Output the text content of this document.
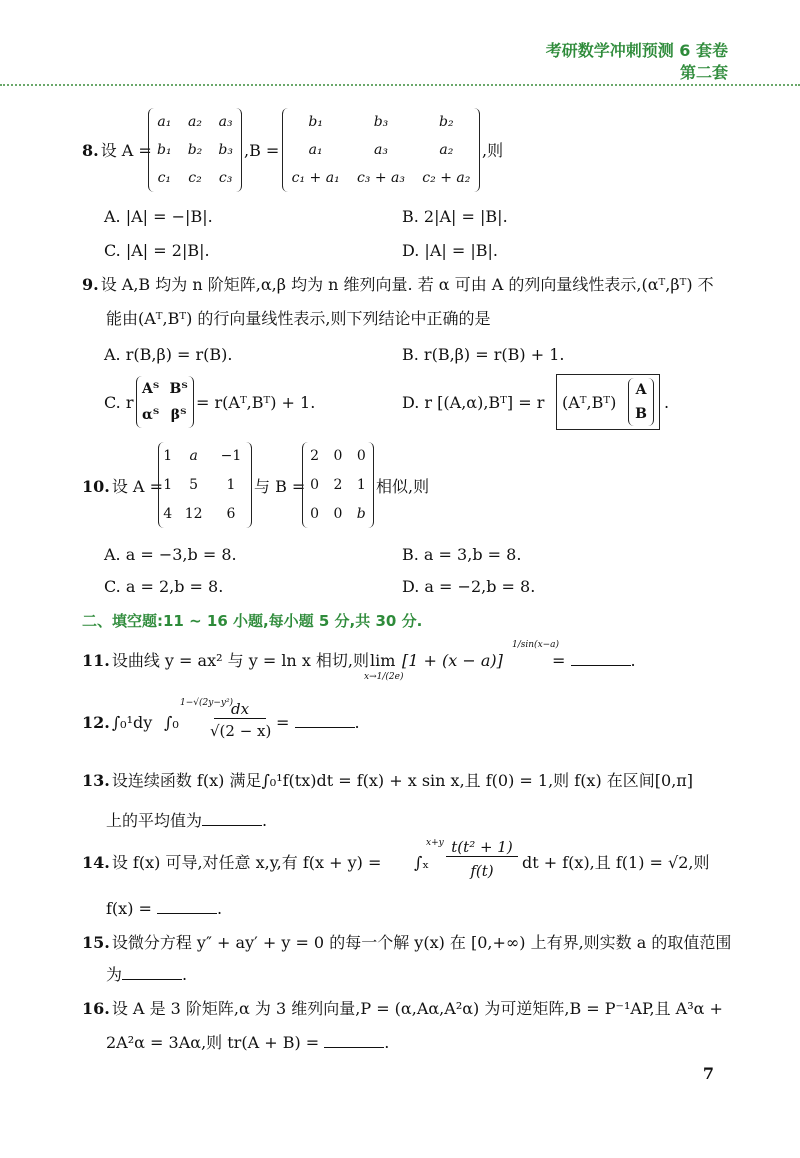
考研数学冲刺预测 6 套卷
第二套
8. 设 A =
a₁	a₂	a₃
b₁	b₂	b₃
c₁	c₂	c₃
,B =
b₁	b₃	b₂
a₁	a₃	a₂
c₁ + a₁	c₃ + a₃	c₂ + a₂
,则
A. |A| = −|B|.	B. 2|A| = |B|.
C. |A| = 2|B|.	D. |A| = |B|.
9. 设 A,B 均为 n 阶矩阵,α,β 均为 n 维列向量. 若 α 可由 A 的列向量线性表示,(αᵀ,βᵀ) 不
能由(Aᵀ,Bᵀ) 的行向量线性表示,则下列结论中正确的是
A. r(B,β) = r(B).	B. r(B,β) = r(B) + 1.
C. r
Aᵀ	Bᵀ
αᵀ	βᵀ
= r(Aᵀ,Bᵀ) + 1.	D. r [(A,α),Bᵀ] = r (Aᵀ,Bᵀ)
A
B
.
10. 设 A =
1	a	−1
1	5	1
4	12	6
与 B =
2	0	0
0	2	1
0	0	b
相似,则
A. a = −3,b = 8.	B. a = 3,b = 8.
C. a = 2,b = 8.	D. a = −2,b = 8.
二、填空题:11 ~ 16 小题,每小题 5 分,共 30 分.
11. 设曲线 y = ax² 与 y = ln x 相切,则 lim
x→1/(2e)
[1 + (x − a)]
1/sin(x−a)
=	.
12. ∫₀¹dy ∫₀
1−√(2y−y²)
dx
√(2 − x) =	.
13. 设连续函数 f(x) 满足∫₀¹f(tx)dt = f(x) + x sin x,且 f(0) = 1,则 f(x) 在区间[0,π]
上的平均值为	.
14. 设 f(x) 可导,对任意 x,y,有 f(x + y) = ∫ₓ
x+y t(t² + 1)
f(t)	dt + f(x),且 f(1) = √2,则
f(x) =	.
15. 设微分方程 y″ + ay′ + y = 0 的每一个解 y(x) 在 [0,+∞) 上有界,则实数 a 的取值范围
为	.
16. 设 A 是 3 阶矩阵,α 为 3 维列向量,P = (α,Aα,A²α) 为可逆矩阵,B = P⁻¹AP,且 A³α +
2A²α = 3Aα,则 tr(A + B) =	.
7
